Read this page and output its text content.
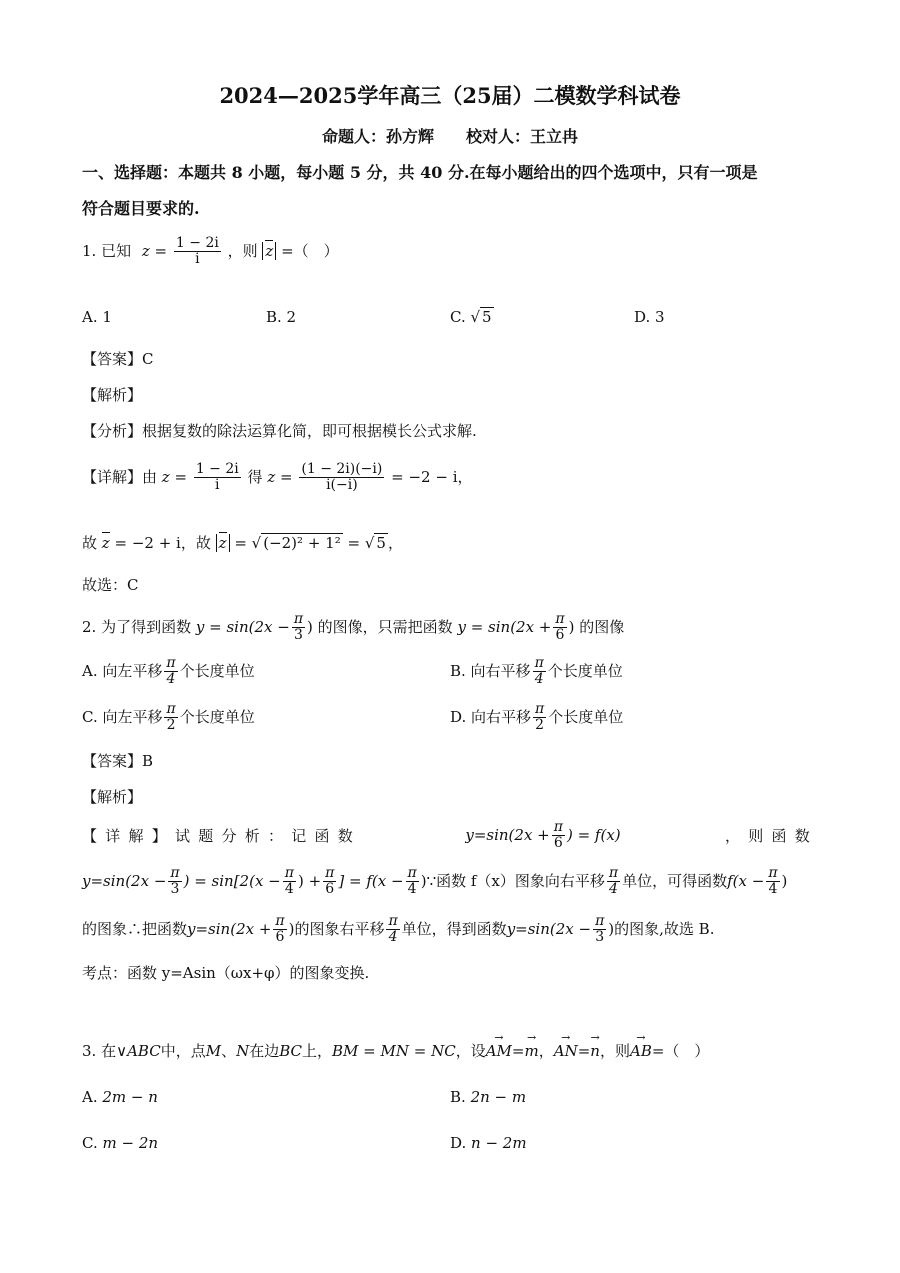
2024—2025学年高三（25届）二模数学科试卷
命题人：孙方辉　　校对人：王立冉
一、选择题：本题共 8 小题，每小题 5 分，共 40 分.在每小题给出的四个选项中，只有一项是
符合题目要求的.
1. 已知 $z = \frac{1 - 2i}{i}$ ，则 z =（　）
A. 1	B. 2	C. √ 5	D. 3
【答案】C
【解析】
【分析】根据复数的除法运算化简，即可根据模长公式求解.
【详解】由 $z = \frac{1 - 2i}{i}$ 得 $z = \frac{(1 - 2i)(-i)}{i(-i)} = -2 - i$，
故 z = −2 + i，故 z = √ (−2)² + 1² = √ 5 ，
故选：C
2. 为了得到函数 $y = \sin(2x - \frac{\pi}{3}$ ) 的图像，只需把函数 $y = \sin(2x + \frac{\pi}{6}$ ) 的图像
A. 向左平移 $\frac{\pi}{4}$ 个长度单位	B. 向右平移 $\frac{\pi}{4}$ 个长度单位
C. 向左平移 $\frac{\pi}{2}$ 个长度单位	D. 向右平移 $\frac{\pi}{2}$ 个长度单位
【答案】B
【解析】
【详解】试题分析：记函数	$y=\sin(2x + \frac{\pi}{6}$ ) = f(x)	，则函数
$y=\sin(2x - \frac{\pi}{3}$ ) = $\sin[2(x - \frac{\pi}{4}$ ) + $\frac{\pi}{6}$ ] = $f(x - \frac{\pi}{4}$ )∵函数 f（x）图象向右平移 $\frac{\pi}{4}$ 单位，可得函数$f(x - \frac{\pi}{4}$ )
的图象∴把函数$y=\sin(2x + \frac{\pi}{6}$ )的图象右平移 $\frac{\pi}{4}$ 单位，得到函数$y=\sin(2x - \frac{\pi}{3}$ )的图象,故选 B.
考点：函数 y=Asin（ωx+φ）的图象变换.
3. 在∨ABC中，点M、N在边BC上，BM = MN = NC，设→ AM=→ m，→ AN=→ n，则→ AB=（　）
A. 2m − n	B. 2n − m
C. m − 2n	D. n − 2m
